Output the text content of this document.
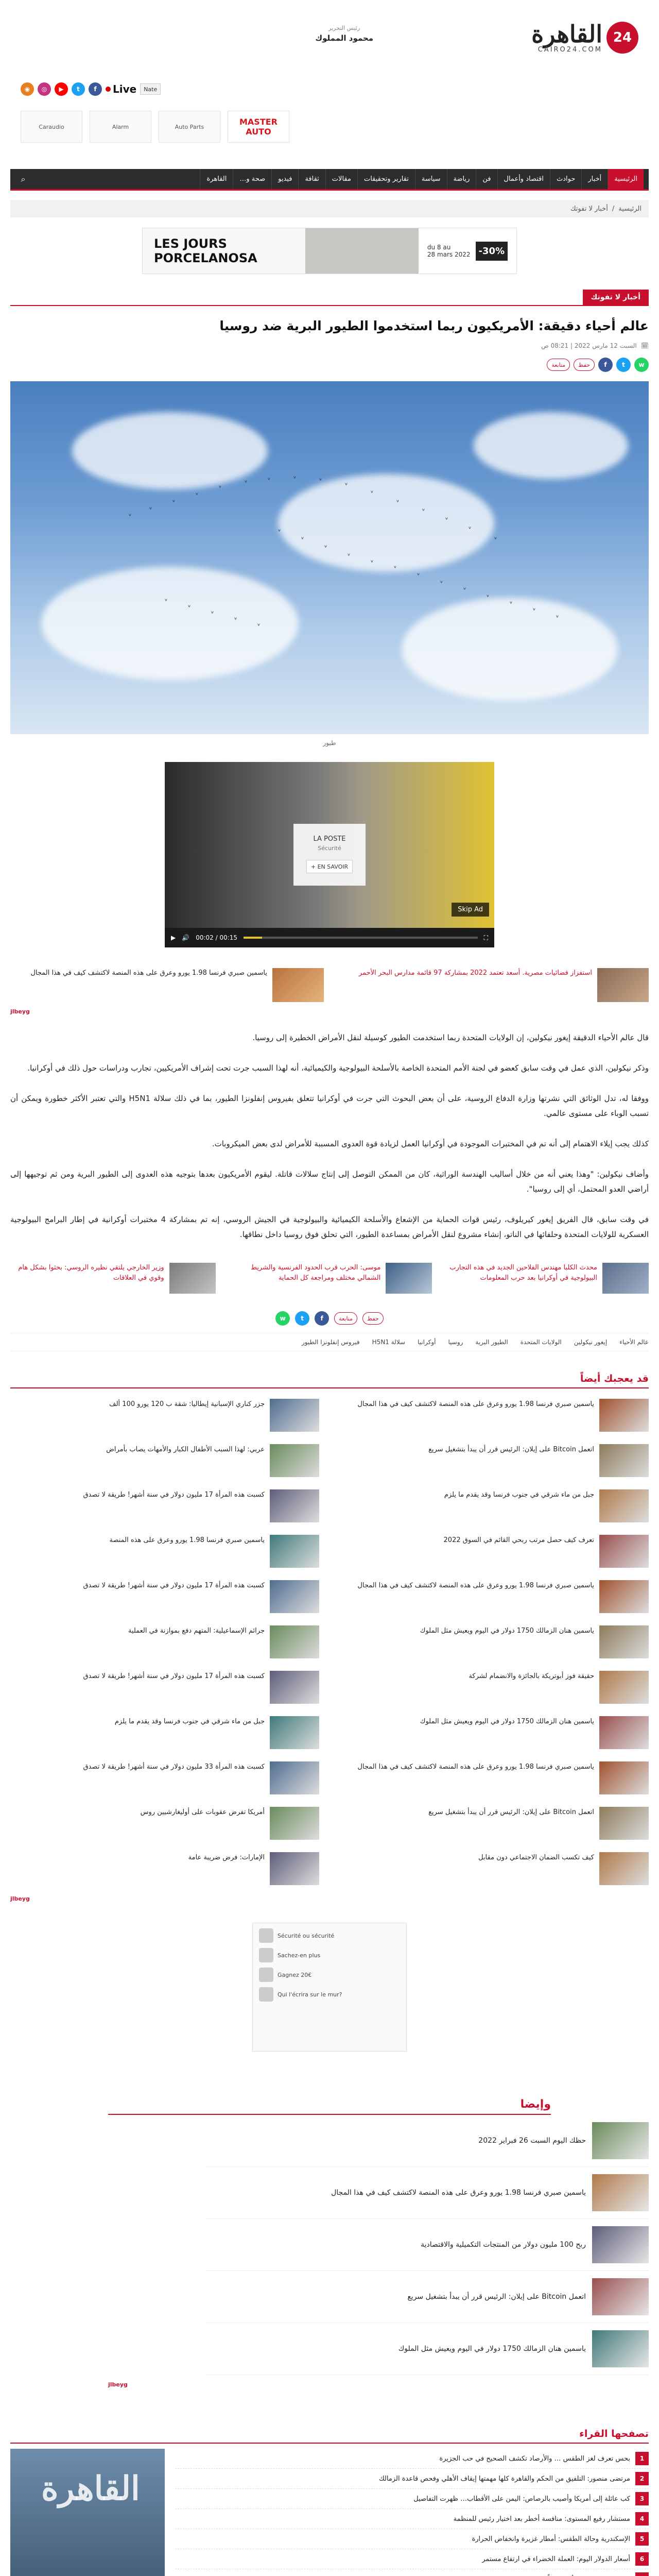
24
القاهرة
CAIRO24.COM
رئيس التحرير
محمود المملوك
◉	◎	▶	t	f	Live	Nate
Caraudio	Alarm	Auto Parts	MASTER AUTO
الرئيسية
أخبار
حوادث
اقتصاد وأعمال
فن
رياضة
سياسة
تقارير وتحقيقات
مقالات
ثقافة
فيديو
صحة و…
القاهرة
⌕
الرئيسية
/
أخبار لا تفوتك
du 8 au
28 mars 2022 -30%
LES JOURS
PORCELANOSA
أخبار لا تفوتك
عالم أحياء دقيقة: الأمريكيون ربما استخدموا الطيور البرية ضد روسيا
🗓
السبت 12 مارس 2022 | 08:21 ص
w
t
f
حفظ
متابعة
ᵛ
ᵛ
ᵛ
ᵛ
ᵛ
ᵛ	ᵛ	ᵛ	ᵛ
ᵛ
ᵛ
ᵛ
ᵛ
ᵛ
ᵛ
ᵛ
ᵛ
ᵛ
ᵛ
ᵛ
ᵛ
ᵛ
ᵛ
ᵛ
ᵛ
ᵛ
ᵛ
ᵛ
ᵛ
ᵛ
ᵛ
ᵛ
ᵛ
ᵛ
طيور
LA POSTE
Sécurité
EN SAVOIR +
Skip Ad
▶ 🔊 00:02 / 00:15	⛶
استفزاز فضائيات مصرية. أسعد تعتمد 2022 بمشاركة 97 قائمة مدارس البحر الأحمر
ياسمين صبري فرنسا 1.98 يورو وعرق على هذه المنصة لاكتشف كيف في هذا المجال
jlbeyg

قال عالم الأحياء الدقيقة إيغور نيكولين، إن الولايات المتحدة ربما استخدمت الطيور كوسيلة لنقل الأمراض الخطيرة إلى روسيا.

وذكر نيكولين، الذي عمل في وقت سابق كعضو في لجنة الأمم المتحدة الخاصة بالأسلحة البيولوجية والكيميائية، أنه لهذا السبب جرت تحت إشراف الأمريكيين، تجارب ودراسات حول ذلك في أوكرانيا.

ووفقا له، تدل الوثائق التي نشرتها وزارة الدفاع الروسية، على أن بعض البحوث التي جرت في أوكرانيا تتعلق بفيروس إنفلونزا الطيور، بما في ذلك سلالة H5N1 والتي تعتبر الأكثر خطورة ويمكن أن تسبب الوباء على مستوى عالمي.

كذلك يجب إيلاء الاهتمام إلى أنه تم في المختبرات الموجودة في أوكرانيا العمل لزيادة قوة العدوى المسببة للأمراض لدى بعض الميكروبات.

وأضاف نيكولين: "وهذا يعني أنه من خلال أساليب الهندسة الوراثية، كان من الممكن التوصل إلى إنتاج سلالات قاتلة. ليقوم الأمريكيون بعدها بتوجيه هذه العدوى إلى الطيور البرية ومن ثم توجيهها إلى أراضي العدو المحتمل، أي إلى روسيا".

في وقت سابق، قال الفريق إيغور كيريلوف، رئيس قوات الحماية من الإشعاع والأسلحة الكيميائية والبيولوجية في الجيش الروسي، إنه تم بمشاركة 4 مختبرات أوكرانية في إطار البرامج البيولوجية العسكرية للولايات المتحدة وحلفائها في الناتو، إنشاء مشروع لنقل الأمراض بمساعدة الطيور، التي تحلق فوق روسيا داخل نطاقها.

محدث الكلبا مهندس الفلاحين الجديد في هذه التجارب البيولوجية في أوكرانيا بعد حرب المعلومات
موسى: الحرب قرب الحدود الفرنسية والشريط الشمالي مختلف ومراجعة كل الحماية
وزير الخارجي يلتقي نظيره الروسي: بحثوا بشكل هام وقوي في العلاقات
حفظ
متابعة
f
t
w
عالم الأحياء
إيغور نيكولين
الولايات المتحدة
الطيور البرية
روسيا
أوكرانيا
سلالة H5N1
فيروس إنفلونزا الطيور
قد يعجبك أيضاً
ياسمين صبري فرنسا 1.98 يورو وعرق على هذه المنصة لاكتشف كيف في هذا المجال
جزر كناري الإسبانية إيطاليا: شقة ب 120 يورو 100 ألف
اتعمل Bitcoin على إيلان: الرئيس قرر أن يبدأ بتشغيل سريع
عربي: لهذا السبب الأطفال الكبار والأمهات يصاب بأمراض
جبل من ماء شرقي في جنوب فرنسا وقد يقدم ما يلزم
كسبت هذه المرأة 17 مليون دولار في سنة أشهر! طريقة لا تصدق
تعرف كيف حصل مرتب ربحي القائم في السوق 2022
ياسمين صبري فرنسا 1.98 يورو وعرق على هذه المنصة
ياسمين صبري فرنسا 1.98 يورو وعرق على هذه المنصة لاكتشف كيف في هذا المجال
كسبت هذه المرأة 17 مليون دولار في سنة أشهر! طريقة لا تصدق
ياسمين هنان الزمالك 1750 دولار في اليوم ويعيش مثل الملوك
جرائم الإسماعيلية: المتهم دفع بموازنة في العملية
حقيقة فوز أبوتريكة بالجائزة والانضمام لشركة
كسبت هذه المرأة 17 مليون دولار في سنة أشهر! طريقة لا تصدق
ياسمين هنان الزمالك 1750 دولار في اليوم ويعيش مثل الملوك
جبل من ماء شرقي في جنوب فرنسا وقد يقدم ما يلزم
ياسمين صبري فرنسا 1.98 يورو وعرق على هذه المنصة لاكتشف كيف في هذا المجال
كسبت هذه المرأة 33 مليون دولار في سنة أشهر! طريقة لا تصدق
اتعمل Bitcoin على إيلان: الرئيس قرر أن يبدأ بتشغيل سريع
أمريكا تفرض عقوبات على أوليغارشيين روس
كيف تكسب الضمان الاجتماعي دون مقابل
الإمارات: فرض ضريبة عامة
jlbeyg
Sécurité ou sécurité
Sachez-en plus
Gagnez 20€
Qui l'écrira sur le mur?
وإيضا
حظك اليوم السبت 26 فبراير 2022
ياسمين صبري فرنسا 1.98 يورو وعرق على هذه المنصة لاكتشف كيف في هذا المجال
ربح 100 مليون دولار من المنتجات التكميلية والاقتصادية
اتعمل Bitcoin على إيلان: الرئيس قرر أن يبدأ بتشغيل سريع
ياسمين هنان الزمالك 1750 دولار في اليوم ويعيش مثل الملوك
jlbeyg
تصفحها القراء
1
بحس تعرف لغز الطقس … والأرصاد تكشف الصحيح في حب الجزيرة
2
مرتضى منصور: التلفيق من الحكم والقاهرة كلها مهمتها إيقاف الأهلي وفحص قاعدة الزمالك
3
كب عائلة إلى أمريكا وأصيب بالرصاص: اليمن على الأقطاب… ظهرت التفاصيل
4
مستشار رفيع المستوى: منافسة أخطر بعد اختيار رئيس للمنظمة
5
الإسكندرية وحالة الطقس: أمطار غزيرة وانخفاض الحرارة
6
أسعار الدولار اليوم: العملة الخضراء في ارتفاع مستمر
القاهرة
